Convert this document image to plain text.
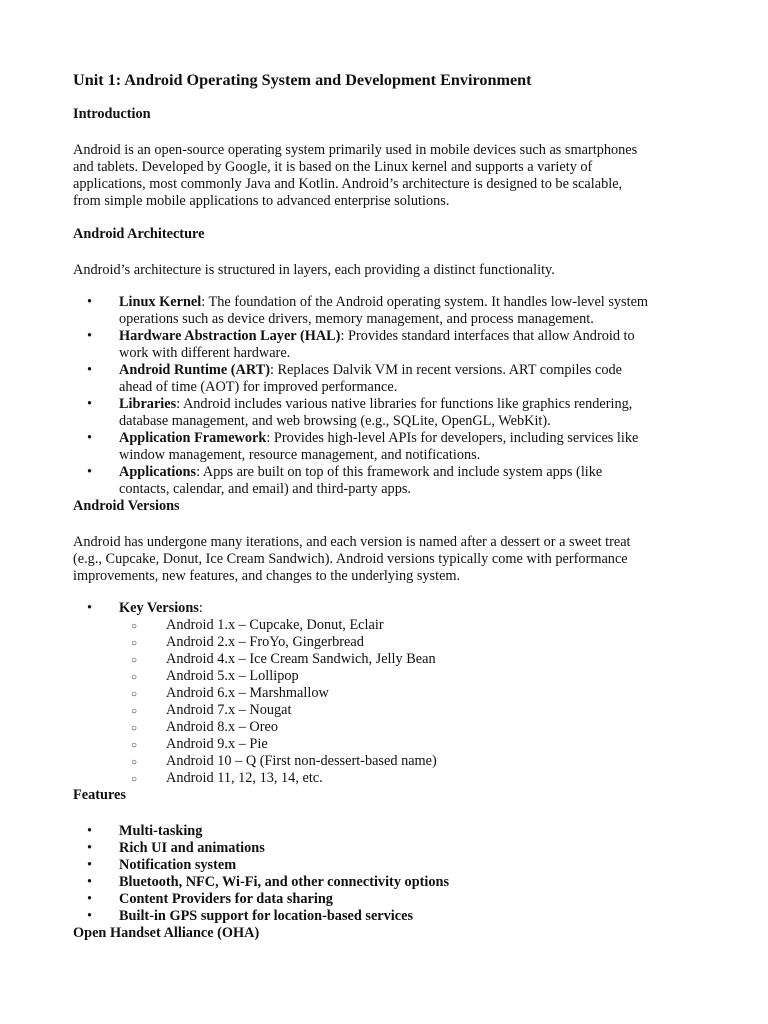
Unit 1: Android Operating System and Development Environment
Introduction
Android is an open-source operating system primarily used in mobile devices such as smartphones
and tablets. Developed by Google, it is based on the Linux kernel and supports a variety of
applications, most commonly Java and Kotlin. Android’s architecture is designed to be scalable,
from simple mobile applications to advanced enterprise solutions.
Android Architecture
Android’s architecture is structured in layers, each providing a distinct functionality.
• Linux Kernel: The foundation of the Android operating system. It handles low-level system
operations such as device drivers, memory management, and process management.
• Hardware Abstraction Layer (HAL): Provides standard interfaces that allow Android to
work with different hardware.
• Android Runtime (ART): Replaces Dalvik VM in recent versions. ART compiles code
ahead of time (AOT) for improved performance.
• Libraries: Android includes various native libraries for functions like graphics rendering,
database management, and web browsing (e.g., SQLite, OpenGL, WebKit).
• Application Framework: Provides high-level APIs for developers, including services like
window management, resource management, and notifications.
• Applications: Apps are built on top of this framework and include system apps (like
contacts, calendar, and email) and third-party apps.
Android Versions
Android has undergone many iterations, and each version is named after a dessert or a sweet treat
(e.g., Cupcake, Donut, Ice Cream Sandwich). Android versions typically come with performance
improvements, new features, and changes to the underlying system.
• Key Versions:
○ Android 1.x – Cupcake, Donut, Eclair
○ Android 2.x – FroYo, Gingerbread
○ Android 4.x – Ice Cream Sandwich, Jelly Bean
○ Android 5.x – Lollipop
○ Android 6.x – Marshmallow
○ Android 7.x – Nougat
○ Android 8.x – Oreo
○ Android 9.x – Pie
○ Android 10 – Q (First non-dessert-based name)
○ Android 11, 12, 13, 14, etc.
Features
• Multi-tasking
• Rich UI and animations
• Notification system
• Bluetooth, NFC, Wi-Fi, and other connectivity options
• Content Providers for data sharing
• Built-in GPS support for location-based services
Open Handset Alliance (OHA)
